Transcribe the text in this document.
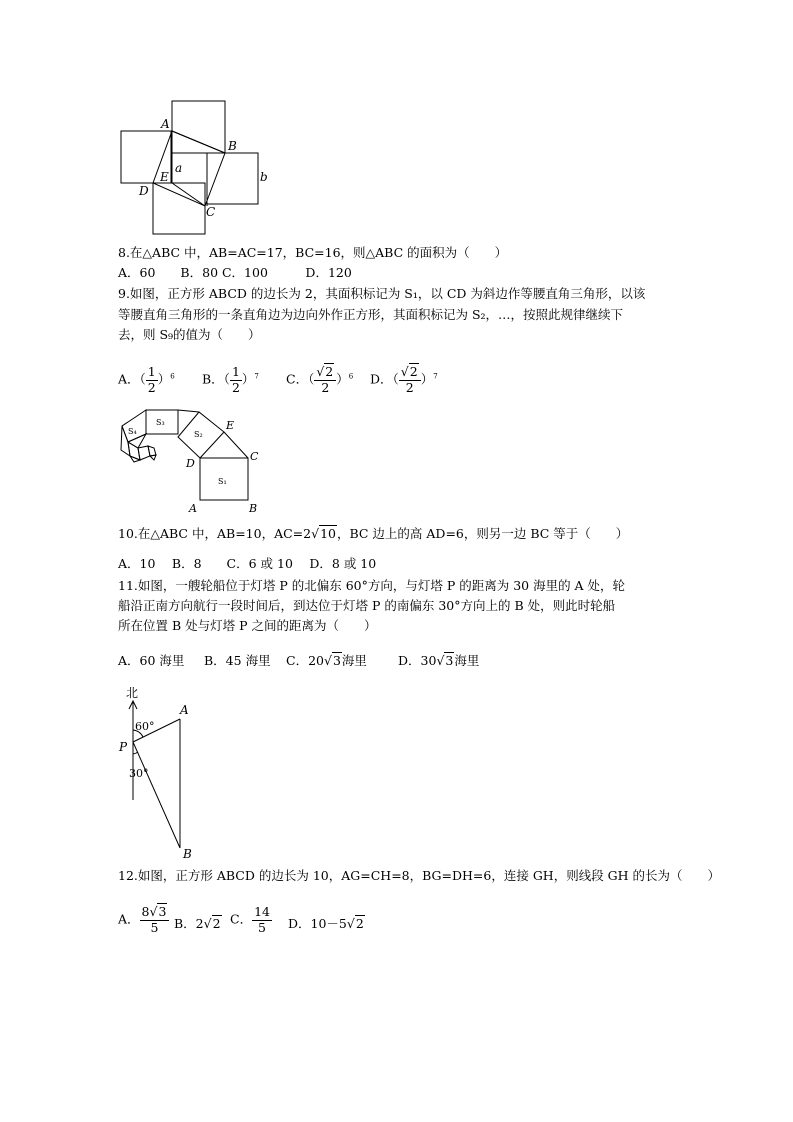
A
B
C
D
E
a
b
8.在△ABC 中，AB=AC=17，BC=16，则△ABC 的面积为（　　）
A．60　　B．80 C．100　　　D．120
9.如图，正方形 ABCD 的边长为 2，其面积标记为 S₁，以 CD 为斜边作等腰直角三角形，以该
等腰直角三角形的一条直角边为边向外作正方形，其面积标记为 S₂，…，按照此规律继续下
去，则 S₉的值为（　　）
A．（ $\frac{1}{2} )^6$ B．（ $\frac{1}{2} )^7$ C．（ $\frac{√2}{2} )^6$ D．（ $\frac{√2}{2} )^7$
A	B
C
D
E
S₁
S₂
S₃
S₄
10.在△ABC 中，AB=10，AC=2√10，BC 边上的高 AD=6，则另一边 BC 等于（　　）
A．10　 B．8　　C．6 或 10　 D．8 或 10
11.如图，一艘轮船位于灯塔 P 的北偏东 60°方向，与灯塔 P 的距离为 30 海里的 A 处，轮
船沿正南方向航行一段时间后，到达位于灯塔 P 的南偏东 30°方向上的 B 处，则此时轮船
所在位置 B 处与灯塔 P 之间的距离为（　　）
A．60 海里 B．45 海里 C．20√3海里 D．30√3海里
北
A
P
B
60°
30°
12.如图，正方形 ABCD 的边长为 10，AG=CH=8，BG=DH=6，连接 GH，则线段 GH 的长为（　　）
A． $\frac{8√3}{5}$ B．2√2 C． $\frac{14}{5}$ D．10－5√2
